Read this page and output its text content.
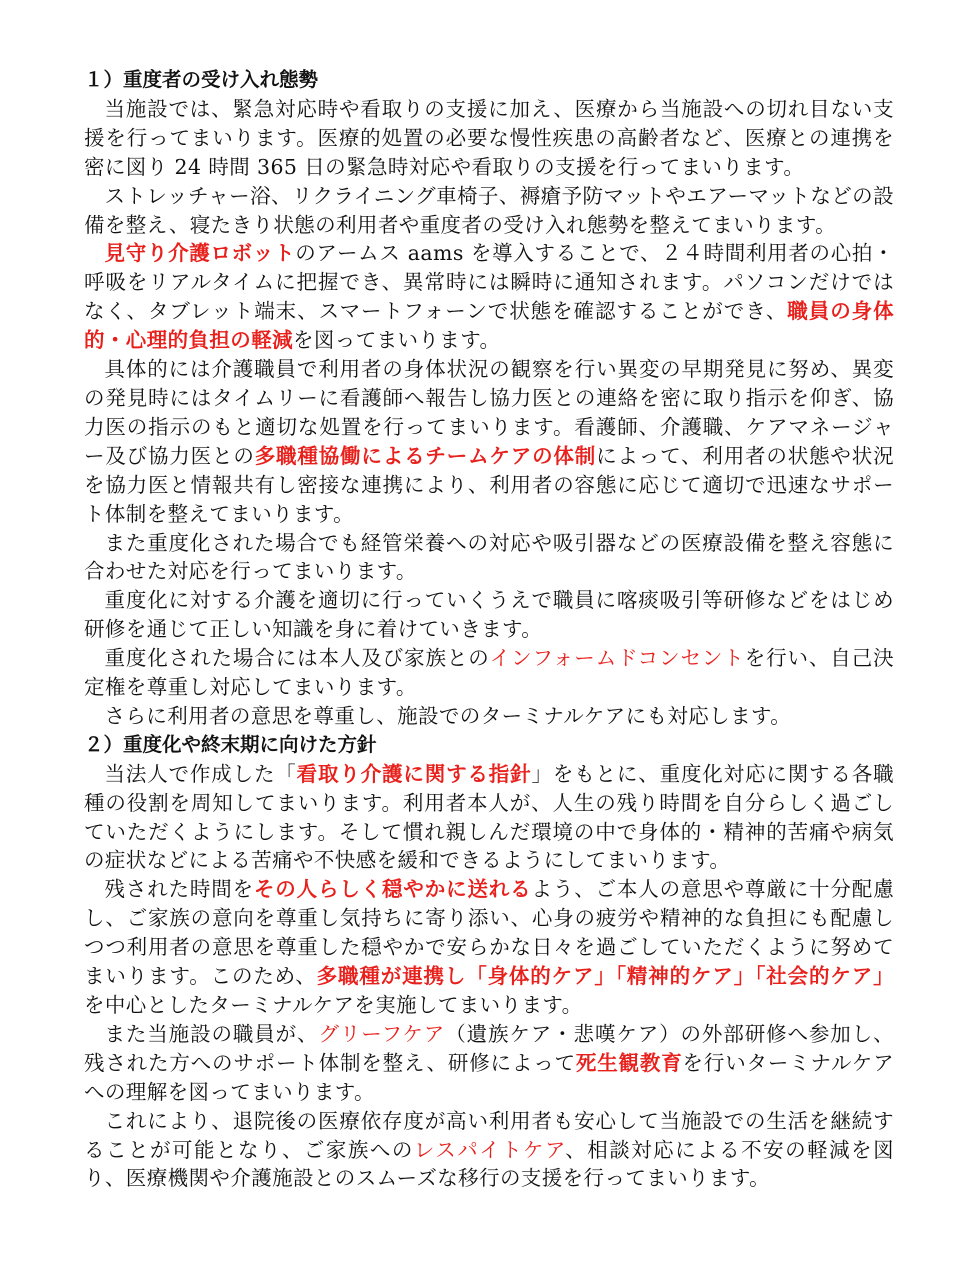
１）重度者の受け入れ態勢

当施設では、緊急対応時や看取りの支援に加え、医療から当施設への切れ目ない支援を行ってまいります。医療的処置の必要な慢性疾患の高齢者など、医療との連携を密に図り 24 時間 365 日の緊急時対応や看取りの支援を行ってまいります。

ストレッチャー浴、リクライニング車椅子、褥瘡予防マットやエアーマットなどの設備を整え、寝たきり状態の利用者や重度者の受け入れ態勢を整えてまいります。

見守り介護ロボットのアームス aams を導入することで、２４時間利用者の心拍・呼吸をリアルタイムに把握でき、異常時には瞬時に通知されます。パソコンだけではなく、タブレット端末、スマートフォーンで状態を確認することができ、職員の身体的・心理的負担の軽減を図ってまいります。

具体的には介護職員で利用者の身体状況の観察を行い異変の早期発見に努め、異変の発見時にはタイムリーに看護師へ報告し協力医との連絡を密に取り指示を仰ぎ、協力医の指示のもと適切な処置を行ってまいります。看護師、介護職、ケアマネージャー及び協力医との多職種協働によるチームケアの体制によって、利用者の状態や状況を協力医と情報共有し密接な連携により、利用者の容態に応じて適切で迅速なサポート体制を整えてまいります。

また重度化された場合でも経管栄養への対応や吸引器などの医療設備を整え容態に合わせた対応を行ってまいります。

重度化に対する介護を適切に行っていくうえで職員に喀痰吸引等研修などをはじめ研修を通じて正しい知識を身に着けていきます。

重度化された場合には本人及び家族とのインフォームドコンセントを行い、自己決定権を尊重し対応してまいります。

さらに利用者の意思を尊重し、施設でのターミナルケアにも対応します。

２）重度化や終末期に向けた方針

当法人で作成した「看取り介護に関する指針」をもとに、重度化対応に関する各職種の役割を周知してまいります。利用者本人が、人生の残り時間を自分らしく過ごしていただくようにします。そして慣れ親しんだ環境の中で身体的・精神的苦痛や病気の症状などによる苦痛や不快感を緩和できるようにしてまいります。

残された時間をその人らしく穏やかに送れるよう、ご本人の意思や尊厳に十分配慮し、ご家族の意向を尊重し気持ちに寄り添い、心身の疲労や精神的な負担にも配慮しつつ利用者の意思を尊重した穏やかで安らかな日々を過ごしていただくように努めてまいります。このため、多職種が連携し「身体的ケア」「精神的ケア」「社会的ケア」を中心としたターミナルケアを実施してまいります。

また当施設の職員が、グリーフケア（遺族ケア・悲嘆ケア）の外部研修へ参加し、残された方へのサポート体制を整え、研修によって死生観教育を行いターミナルケアへの理解を図ってまいります。

これにより、退院後の医療依存度が高い利用者も安心して当施設での生活を継続することが可能となり、ご家族へのレスパイトケア、相談対応による不安の軽減を図り、医療機関や介護施設とのスムーズな移行の支援を行ってまいります。
